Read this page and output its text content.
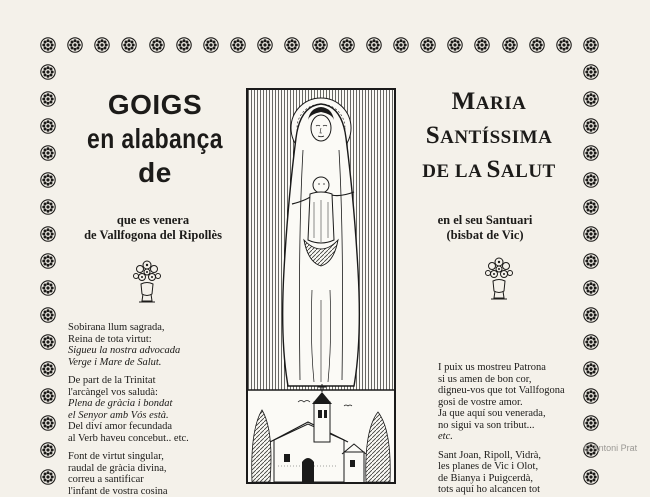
GOIGS
en alabança
de
MARIA
SANTÍSSIMA
DE LA SALUT
que es venera
de Vallfogona del Ripollès
en el seu Santuari
(bisbat de Vic)
Sobirana llum sagrada,
Reina de tota virtut:
Sigueu la nostra advocada
Verge i Mare de Salut.
De part de la Trinitat
l'arcàngel vos saludà:
Plena de gràcia i bondat
el Senyor amb Vós està.
Del diví amor fecundada
al Verb haveu concebut.. etc.
Font de virtut singular,
raudal de gràcia divina,
correu a santificar
l'infant de vostra cosina
I puix us mostreu Patrona
si us amen de bon cor,
digneu-vos que tot Vallfogona
gosi de vostre amor.
Ja que aquí sou venerada,
no sigui va son tribut...
etc.
Sant Joan, Ripoll, Vidrà,
les planes de Vic i Olot,
de Bianya i Puigcerdà,
tots aquí ho alcancen tot
© Antoni Prat
